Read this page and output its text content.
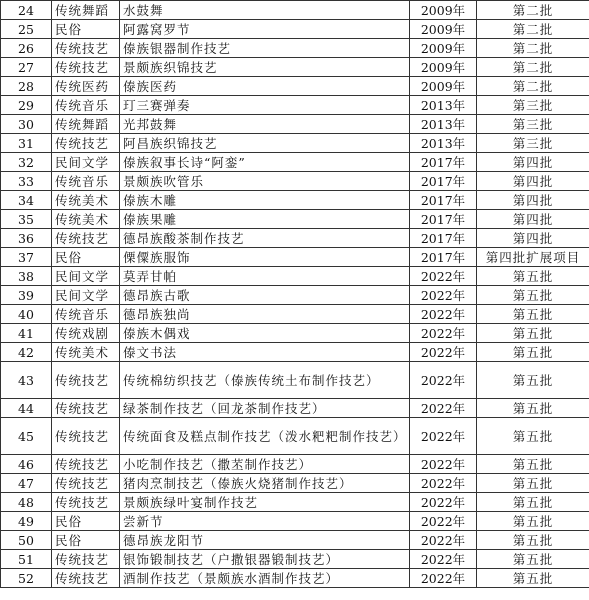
24	传统舞蹈	水鼓舞	2009年	第二批
25	民俗	阿露窝罗节	2009年	第二批
26	传统技艺	傣族银器制作技艺	2009年	第二批
27	传统技艺	景颇族织锦技艺	2009年	第二批
28	传统医药	傣族医药	2009年	第二批
29	传统音乐	玎三赛弹奏	2013年	第三批
30	传统舞蹈	光邦鼓舞	2013年	第三批
31	传统技艺	阿昌族织锦技艺	2013年	第三批
32	民间文学	傣族叙事长诗“阿銮”	2017年	第四批
33	传统音乐	景颇族吹管乐	2017年	第四批
34	传统美术	傣族木雕	2017年	第四批
35	传统美术	傣族果雕	2017年	第四批
36	传统技艺	德昂族酸茶制作技艺	2017年	第四批
37	民俗	傈僳族服饰	2017年	第四批扩展项目
38	民间文学	莫弄甘帕	2022年	第五批
39	民间文学	德昂族古歌	2022年	第五批
40	传统音乐	德昂族独尚	2022年	第五批
41	传统戏剧	傣族木偶戏	2022年	第五批
42	传统美术	傣文书法	2022年	第五批
43	传统技艺	传统棉纺织技艺（傣族传统土布制作技艺）	2022年	第五批
44	传统技艺	绿茶制作技艺（回龙茶制作技艺）	2022年	第五批
45	传统技艺	传统面食及糕点制作技艺（泼水粑粑制作技艺）	2022年	第五批
46	传统技艺	小吃制作技艺（撒苤制作技艺）	2022年	第五批
47	传统技艺	猪肉烹制技艺（傣族火烧猪制作技艺）	2022年	第五批
48	传统技艺	景颇族绿叶宴制作技艺	2022年	第五批
49	民俗	尝新节	2022年	第五批
50	民俗	德昂族龙阳节	2022年	第五批
51	传统技艺	银饰锻制技艺（户撒银器锻制技艺）	2022年	第五批
52	传统技艺	酒制作技艺（景颇族水酒制作技艺）	2022年	第五批
